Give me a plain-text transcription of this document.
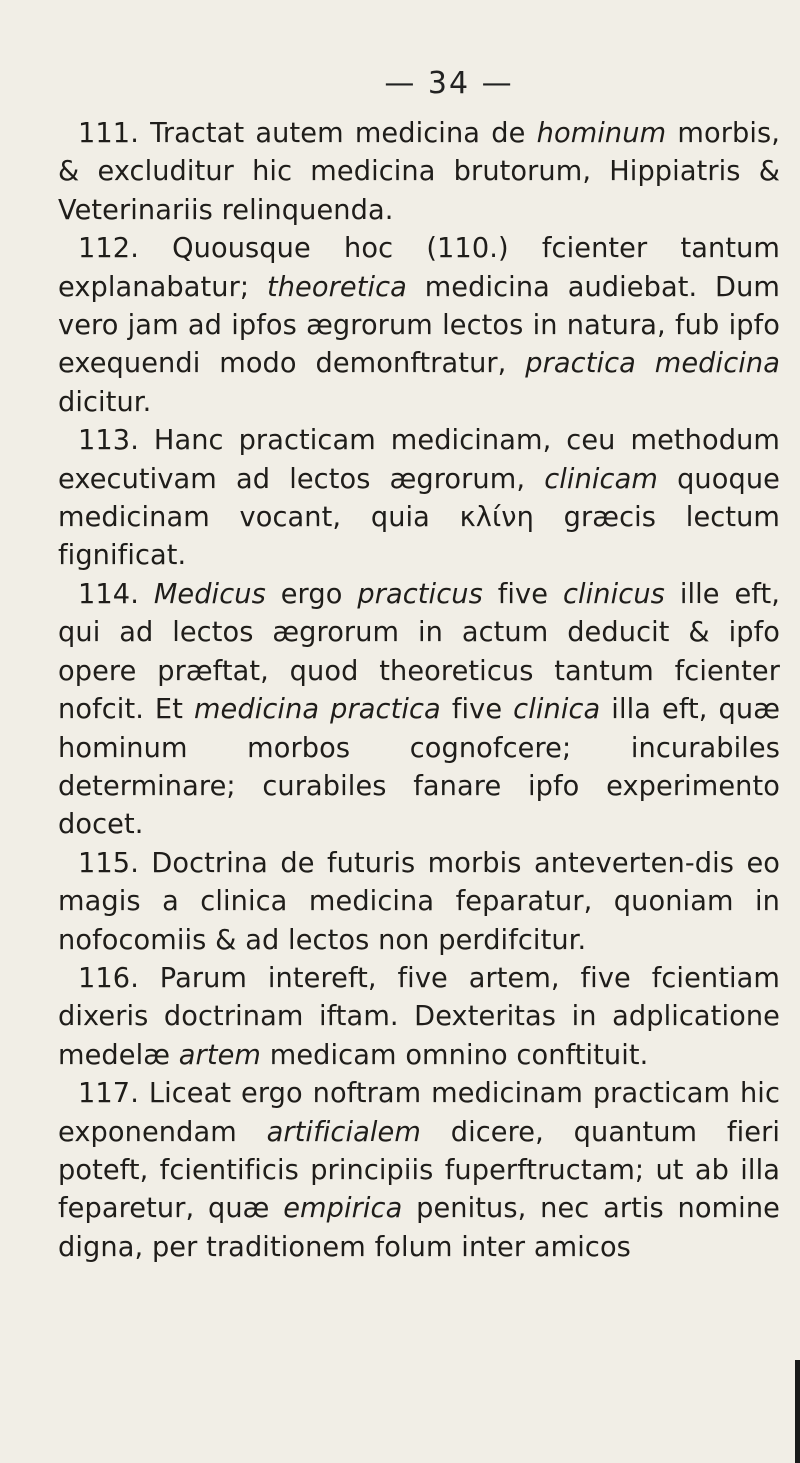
— 34 —

111. Tractat autem medicina de hominum morbis, & excluditur hic medicina brutorum, Hippiatris & Veterinariis relinquenda.

112. Quousque hoc (110.) fcienter tantum explanabatur; theoretica medicina audiebat. Dum vero jam ad ipfos ægrorum lectos in natura, fub ipfo exequendi modo demonftratur, practica medicina dicitur.

113. Hanc practicam medicinam, ceu methodum executivam ad lectos ægrorum, clinicam quoque medicinam vocant, quia κλίνη græcis lectum fignificat.

114. Medicus ergo practicus five clinicus ille eft, qui ad lectos ægrorum in actum deducit & ipfo opere præftat, quod theoreticus tantum fcienter nofcit. Et medicina practica five clinica illa eft, quæ hominum morbos cognofcere; incurabiles determinare; curabiles fanare ipfo experimento docet.

115. Doctrina de futuris morbis anteverten-dis eo magis a clinica medicina feparatur, quoniam in nofocomiis & ad lectos non perdifcitur.

116. Parum intereft, five artem, five fcientiam dixeris doctrinam iftam. Dexteritas in adplicatione medelæ artem medicam omnino conftituit.

117. Liceat ergo noftram medicinam practicam hic exponendam artificialem dicere, quantum fieri poteft, fcientificis principiis fuperftructam; ut ab illa feparetur, quæ empirica penitus, nec artis nomine digna, per traditionem folum inter amicos
